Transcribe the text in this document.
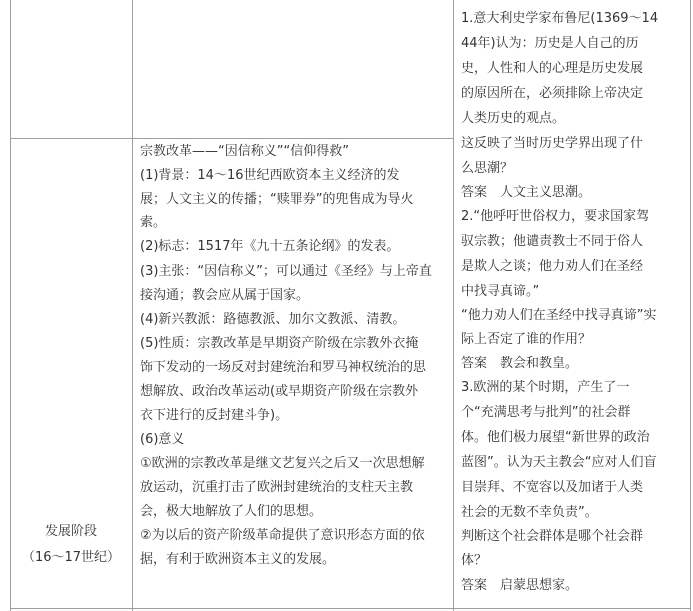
发展阶段
（16～17世纪）
宗教改革——“因信称义”“信仰得救”
(1)背景：14～16世纪西欧资本主义经济的发
展；人文主义的传播；“赎罪券”的兜售成为导火
索。
(2)标志：1517年《九十五条论纲》的发表。
(3)主张：“因信称义”；可以通过《圣经》与上帝直
接沟通；教会应从属于国家。
(4)新兴教派：路德教派、加尔文教派、清教。
(5)性质：宗教改革是早期资产阶级在宗教外衣掩
饰下发动的一场反对封建统治和罗马神权统治的思
想解放、政治改革运动(或早期资产阶级在宗教外
衣下进行的反封建斗争)。
(6)意义
①欧洲的宗教改革是继文艺复兴之后又一次思想解
放运动，沉重打击了欧洲封建统治的支柱天主教
会，极大地解放了人们的思想。
②为以后的资产阶级革命提供了意识形态方面的依
据，有利于欧洲资本主义的发展。
1.意大利史学家布鲁尼(1369～14
44年)认为：历史是人自己的历
史，人性和人的心理是历史发展
的原因所在，必须排除上帝决定
人类历史的观点。
这反映了当时历史学界出现了什
么思潮？
答案　人文主义思潮。
2.“他呼吁世俗权力，要求国家驾
驭宗教；他谴责教士不同于俗人
是欺人之谈；他力劝人们在圣经
中找寻真谛。”
“他力劝人们在圣经中找寻真谛”实
际上否定了谁的作用？
答案　教会和教皇。
3.欧洲的某个时期，产生了一
个“充满思考与批判”的社会群
体。他们极力展望“新世界的政治
蓝图”。认为天主教会“应对人们盲
目崇拜、不宽容以及加诸于人类
社会的无数不幸负责”。
判断这个社会群体是哪个社会群
体？
答案　启蒙思想家。
